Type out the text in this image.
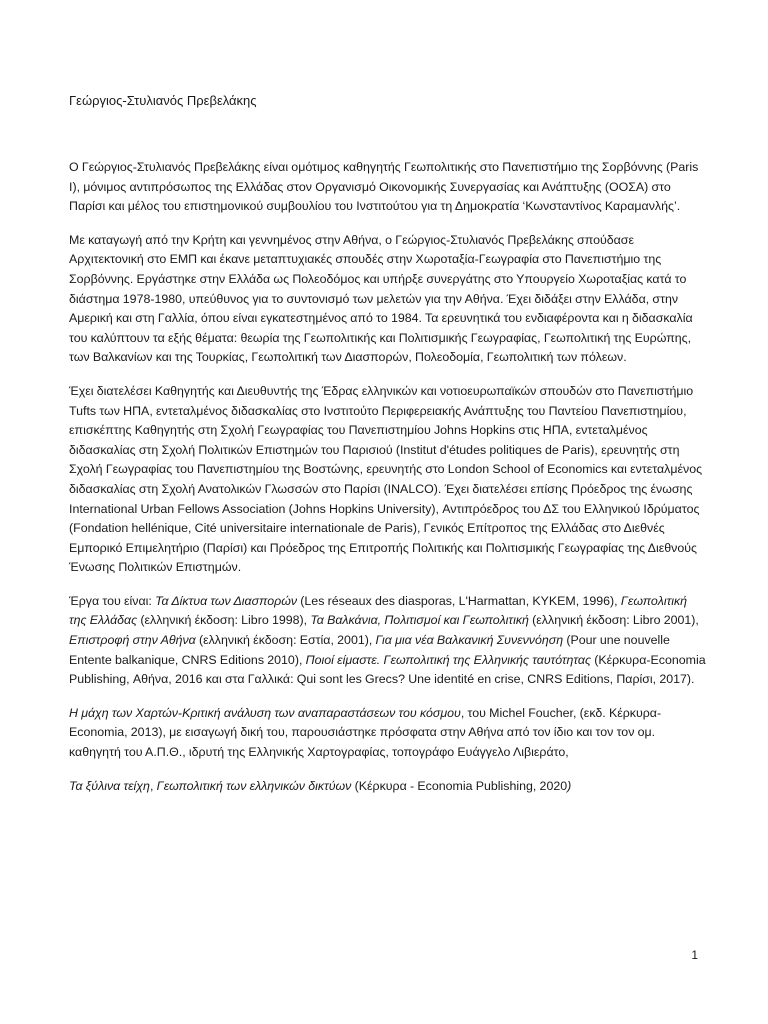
Γεώργιος-Στυλιανός Πρεβελάκης

Ο Γεώργιος-Στυλιανός Πρεβελάκης είναι ομότιμος καθηγητής Γεωπολιτικής στο Πανεπιστήμιο της Σορβόννης (Paris I), μόνιμος αντιπρόσωπος της Ελλάδας στον Οργανισμό Οικονομικής Συνεργασίας και Ανάπτυξης (ΟΟΣΑ) στο Παρίσι και μέλος του επιστημονικού συμβουλίου του Ινστιτούτου για τη Δημοκρατία ‘Κωνσταντίνος Καραμανλής’.

Με καταγωγή από την Κρήτη και γεννημένος στην Αθήνα, ο Γεώργιος-Στυλιανός Πρεβελάκης σπούδασε Αρχιτεκτονική στο ΕΜΠ και έκανε μεταπτυχιακές σπουδές στην Χωροταξία-Γεωγραφία στο Πανεπιστήμιο της Σορβόννης. Εργάστηκε στην Ελλάδα ως Πολεοδόμος και υπήρξε συνεργάτης στο Υπουργείο Χωροταξίας κατά το διάστημα 1978-1980, υπεύθυνος για το συντονισμό των μελετών για την Αθήνα. Έχει διδάξει στην Ελλάδα, στην Αμερική και στη Γαλλία, όπου είναι εγκατεστημένος από το 1984. Τα ερευνητικά του ενδιαφέροντα και η διδασκαλία του καλύπτουν τα εξής θέματα: θεωρία της Γεωπολιτικής και Πολιτισμικής Γεωγραφίας, Γεωπολιτική της Ευρώπης, των Βαλκανίων και της Τουρκίας, Γεωπολιτική των Διασπορών, Πολεοδομία, Γεωπολιτική των πόλεων.

Έχει διατελέσει Καθηγητής και Διευθυντής της Έδρας ελληνικών και νοτιοευρωπαϊκών σπουδών στο Πανεπιστήμιο Tufts των ΗΠΑ, εντεταλμένος διδασκαλίας στο Ινστιτούτο Περιφερειακής Ανάπτυξης του Παντείου Πανεπιστημίου, επισκέπτης Καθηγητής στη Σχολή Γεωγραφίας του Πανεπιστημίου Johns Hopkins στις ΗΠΑ, εντεταλμένος διδασκαλίας στη Σχολή Πολιτικών Επιστημών του Παρισιού (Institut d'études politiques de Paris), ερευνητής στη Σχολή Γεωγραφίας του Πανεπιστημίου της Βοστώνης, ερευνητής στο London School of Economics και εντεταλμένος διδασκαλίας στη Σχολή Ανατολικών Γλωσσών στο Παρίσι (INALCO). Έχει διατελέσει επίσης Πρόεδρος της ένωσης International Urban Fellows Association (Johns Hopkins University), Αντιπρόεδρος του ΔΣ του Ελληνικού Ιδρύματος (Fondation hellénique, Cité universitaire internationale de Paris), Γενικός Επίτροπος της Ελλάδας στο Διεθνές Εμπορικό Επιμελητήριο (Παρίσι) και Πρόεδρος της Επιτροπής Πολιτικής και Πολιτισμικής Γεωγραφίας της Διεθνούς Ένωσης Πολιτικών Επιστημών.

Έργα του είναι: Τα Δίκτυα των Διασπορών (Les réseaux des diasporas, L'Harmattan, ΚΥΚΕΜ, 1996), Γεωπολιτική της Ελλάδας (ελληνική έκδοση: Libro 1998), Τα Βαλκάνια, Πολιτισμοί και Γεωπολιτική (ελληνική έκδοση: Libro 2001), Επιστροφή στην Αθήνα (ελληνική έκδοση: Εστία, 2001), Για μια νέα Βαλκανική Συνεννόηση (Pour une nouvelle Entente balkanique, CNRS Editions 2010), Ποιοί είμαστε. Γεωπολιτική της Ελληνικής ταυτότητας (Κέρκυρα-Economia Publishing, Αθήνα, 2016 και στα Γαλλικά: Qui sont les Grecs? Une identité en crise, CNRS Editions, Παρίσι, 2017).

Η μάχη των Χαρτών-Κριτική ανάλυση των αναπαραστάσεων του κόσμου, του Michel Foucher, (εκδ. Κέρκυρα-Economia, 2013), με εισαγωγή δική του, παρουσιάστηκε πρόσφατα στην Αθήνα από τον ίδιο και τον τον ομ. καθηγητή του Α.Π.Θ., ιδρυτή της Ελληνικής Χαρτογραφίας, τοπογράφο Ευάγγελο Λιβιεράτο,

Τα ξύλινα τείχη, Γεωπολιτική των ελληνικών δικτύων (Κέρκυρα - Economia Publishing, 2020)

1
